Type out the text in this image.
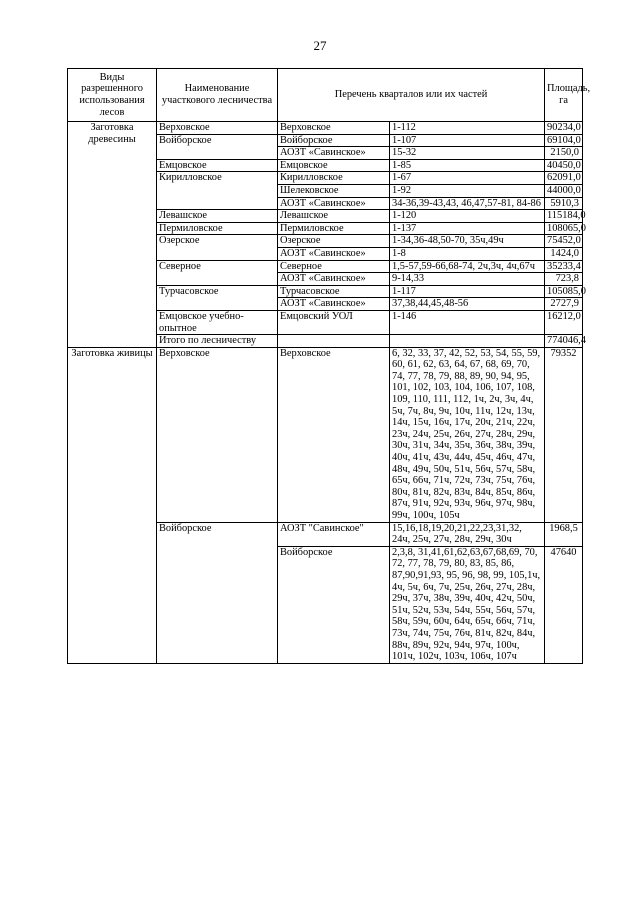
27
Виды разрешенного использования лесов	Наименование участкового лесничества	Перечень кварталов или их частей		Площадь, га
Заготовка древесины	Верховское	Верховское	1-112	90234,0
	Войборское	Войборское	1-107	69104,0
		АОЗТ «Савинское»	15-32	2150,0
	Емцовское	Емцовское	1-85	40450,0
	Кирилловское	Кирилловское	1-67	62091,0
		Шелековское	1-92	44000,0
		АОЗТ «Савинское»	34-36,39-43,43, 46,47,57-81, 84-86	5910,3
	Левашское	Левашское	1-120	115184,0
	Пермиловское	Пермиловское	1-137	108065,0
	Озерское	Озерское	1-34,36-48,50-70, 35ч,49ч	75452,0
		АОЗТ «Савинское»	1-8	1424,0
	Северное	Северное	1,5-57,59-66,68-74, 2ч,3ч, 4ч,67ч	35233,4
		АОЗТ «Савинское»	9-14,33	723,8
	Турчасовское	Турчасовское	1-117	105085,0
		АОЗТ «Савинское»	37,38,44,45,48-56	2727,9
	Емцовское учебно-опытное	Емцовский УОЛ	1-146	16212,0
	Итого по лесничеству			774046,4
Заготовка живицы	Верховское	Верховское	6, 32, 33, 37, 42, 52, 53, 54, 55, 59, 60, 61, 62, 63, 64, 67, 68, 69, 70, 74, 77, 78, 79, 88, 89, 90, 94, 95, 101, 102, 103, 104, 106, 107, 108, 109, 110, 111, 112, 1ч, 2ч, 3ч, 4ч, 5ч, 7ч, 8ч, 9ч, 10ч, 11ч, 12ч, 13ч, 14ч, 15ч, 16ч, 17ч, 20ч, 21ч, 22ч, 23ч, 24ч, 25ч, 26ч, 27ч, 28ч, 29ч, 30ч, 31ч, 34ч, 35ч, 36ч, 38ч, 39ч, 40ч, 41ч, 43ч, 44ч, 45ч, 46ч, 47ч, 48ч, 49ч, 50ч, 51ч, 56ч, 57ч, 58ч, 65ч, 66ч, 71ч, 72ч, 73ч, 75ч, 76ч, 80ч, 81ч, 82ч, 83ч, 84ч, 85ч, 86ч, 87ч, 91ч, 92ч, 93ч, 96ч, 97ч, 98ч, 99ч, 100ч, 105ч	79352
	Войборское	АОЗТ "Савинское"	15,16,18,19,20,21,22,23,31,32, 24ч, 25ч, 27ч, 28ч, 29ч, 30ч	1968,5
		Войборское	2,3,8, 31,41,61,62,63,67,68,69, 70, 72, 77, 78, 79, 80, 83, 85, 86, 87,90,91,93, 95, 96, 98, 99, 105,1ч, 4ч, 5ч, 6ч, 7ч, 25ч, 26ч, 27ч, 28ч, 29ч, 37ч, 38ч, 39ч, 40ч, 42ч, 50ч, 51ч, 52ч, 53ч, 54ч, 55ч, 56ч, 57ч, 58ч, 59ч, 60ч, 64ч, 65ч, 66ч, 71ч, 73ч, 74ч, 75ч, 76ч, 81ч, 82ч, 84ч, 88ч, 89ч, 92ч, 94ч, 97ч, 100ч, 101ч, 102ч, 103ч, 106ч, 107ч	47640
